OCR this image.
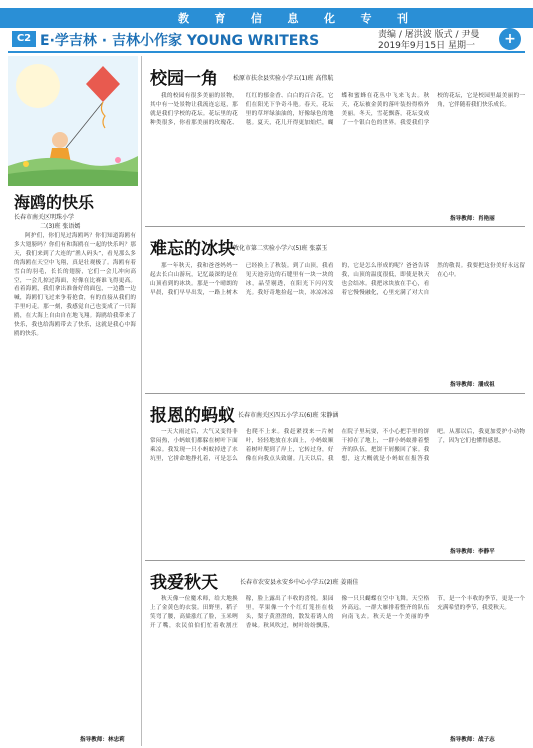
教 育 信 息 化 专 刊
C2 E·学吉林 · 吉林小作家 YOUNG WRITERS	责编 / 屠洪波 版式 / 尹曼
2019年9月15日 星期一	+
海鸥的快乐
长春市南关区明珠小学
二(3)班 张语嫣

阿护们，你们见过海鸥吗？你们知道海鸥有多大翅膀吗？你们有和海鸥在一起的快乐吗？那天，我们来到了大连的“渔人码头”，看见那么多的海鸥在天空中飞翔，真是壮观极了。海鸥有着雪白的羽毛，长长的翅膀，它们一会儿冲向高空，一会儿掠过海面，好像在比赛谁飞得更高。看着海鸥，我们拿出准备好的面包，一边撒一边喊，海鸥们飞过来争着抢食，有的直接从我们的手里叼走。那一刻，我感觉自己也变成了一只海鸥，在大海上自由自在地飞翔。海鸥给我带来了快乐，我也给海鸥带去了快乐，这就是我心中海鸥的快乐。

指导教师：林忠莉
校园一角	松原市扶余县实验小学五(1)班 高伟航

我的校园有很多美丽的景物，其中有一处景物让我流连忘返，那就是我们学校的花坛。花坛里的花种类很多，你看那美丽的玫瑰花、红红的郁金香、白白的百合花，它们在阳光下争奇斗艳。春天，花坛里的草坪绿油油的，好像绿色的地毯。夏天，花儿开得更加灿烂，蝴蝶和蜜蜂在花丛中飞来飞去。秋天，花坛被金黄的落叶装扮得格外美丽。冬天，雪花飘落，花坛变成了一个银白色的世界。我爱我们学校的花坛，它是校园里最美丽的一角，它伴随着我们快乐成长。

指导教师：肖艳丽
难忘的冰块
敦化市第二实验小学六(5)班 张嘉玉

那一年秋天，我和爸爸妈妈一起去长白山游玩，记忆最深的是在山顶看到的冰块。那是一个晴朗的早晨，我们早早出发，一路上树木已经换上了秋装。到了山顶，我看见天池旁边的石缝里有一块一块的冰，晶莹剔透，在阳光下闪闪发光。我好奇地捡起一块，冰凉冰凉的，它是怎么形成的呢？爸爸告诉我，山顶的温度很低，即使是秋天也会结冰。我把冰块放在手心，看着它慢慢融化，心里充满了对大自然的敬畏。我要把这份美好永远留在心中。

指导教师：潘成祖
报恩的蚂蚁 长春市南关区四五小学五(6)班 宋静涵

一天大雨过后，大气又变得非常闷热，小蚂蚁们都躲在树叶下面乘凉。我发现一只小蚂蚁掉进了水坑里，它拼命地挣扎着，可是怎么也爬不上来。我赶紧找来一片树叶，轻轻地放在水面上，小蚂蚁顺着树叶爬到了岸上，它转过身，好像在向我点头致谢。几天以后，我在院子里玩耍，不小心把手里的饼干掉在了地上，一群小蚂蚁排着整齐的队伍，把饼干屑搬回了家。我想，这大概就是小蚂蚁在报答我吧。从那以后，我更加爱护小动物了，因为它们也懂得感恩。

指导教师：李静平
我爱秋天	长春市农安县永安乡中心小学五(2)班 姜雨佳

秋天像一位魔术师，给大地换上了金黄色的衣裳。田野里，稻子笑弯了腰，高粱涨红了脸，玉米咧开了嘴，农民伯伯们忙着收割庄稼，脸上露出了丰收的喜悦。果园里，苹果像一个个红灯笼挂在枝头，梨子黄澄澄的，散发着诱人的香味。秋风吹过，树叶纷纷飘落，像一只只蝴蝶在空中飞舞。天空格外高远，一群大雁排着整齐的队伍向南飞去。秋天是一个美丽的季节，是一个丰收的季节，更是一个充满希望的季节，我爱秋天。

指导教师：战子志
